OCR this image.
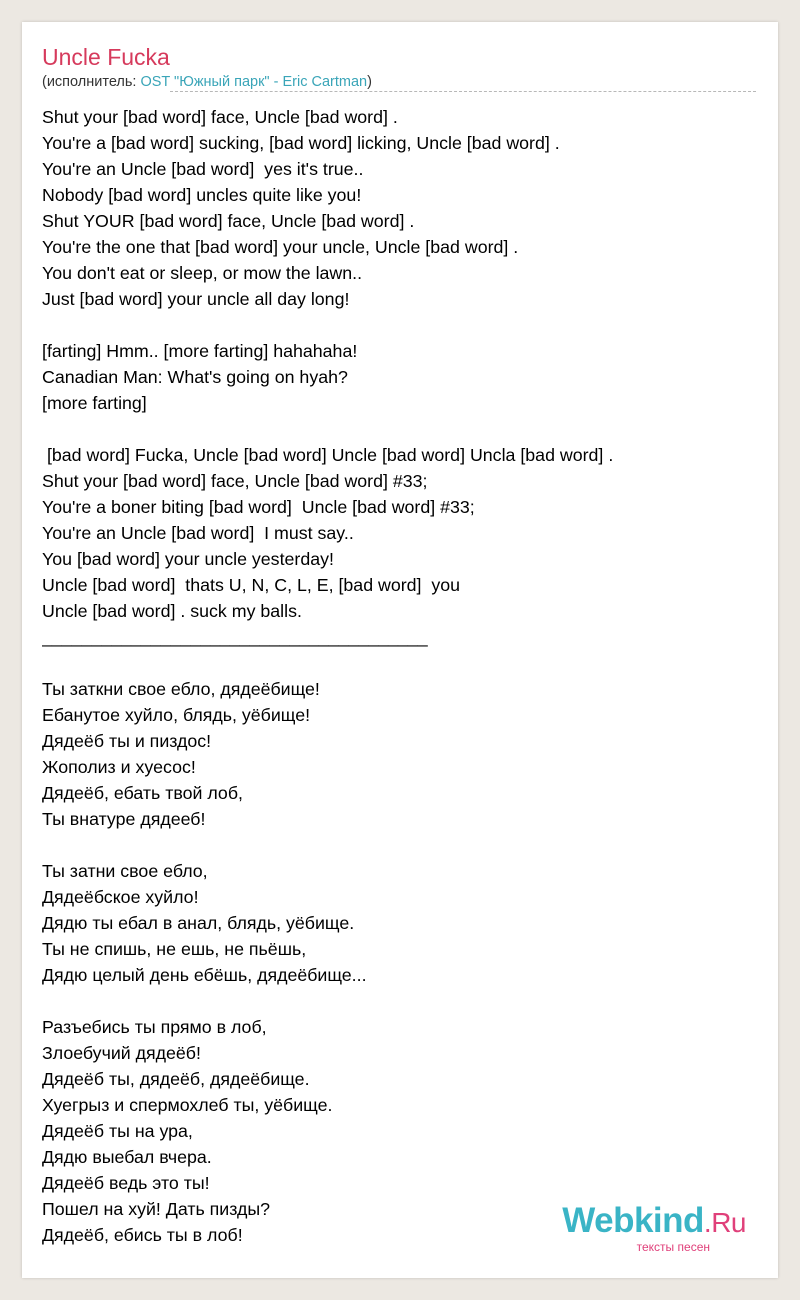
Uncle Fucka
(исполнитель: OST "Южный парк" - Eric Cartman)
Shut your [bad word] face, Uncle [bad word] .
You're a [bad word] sucking, [bad word] licking, Uncle [bad word] .
You're an Uncle [bad word]  yes it's true..
Nobody [bad word] uncles quite like you!
Shut YOUR [bad word] face, Uncle [bad word] .
You're the one that [bad word] your uncle, Uncle [bad word] .
You don't eat or sleep, or mow the lawn..
Just [bad word] your uncle all day long!
[farting] Hmm.. [more farting] hahahaha!
Canadian Man: What's going on hyah?
[more farting]
[bad word] Fucka, Uncle [bad word] Uncle [bad word] Uncla [bad word] .
Shut your [bad word] face, Uncle [bad word] #33;
You're a boner biting [bad word]  Uncle [bad word] #33;
You're an Uncle [bad word]  I must say..
You [bad word] your uncle yesterday!
Uncle [bad word]  thats U, N, C, L, E, [bad word]  you
Uncle [bad word] . suck my balls.
_______________________________________
Ты заткни свое ебло, дядеёбище!
Ебанутое хуйло, блядь, уёбище!
Дядеёб ты и пиздос!
Жополиз и хуесос!
Дядеёб, ебать твой лоб,
Ты внатуре дядееб!
Ты затни свое ебло,
Дядеёбское хуйло!
Дядю ты ебал в анал, блядь, уёбище.
Ты не спишь, не ешь, не пьёшь,
Дядю целый день ебёшь, дядеёбище...
Разъебись ты прямо в лоб,
Злоебучий дядеёб!
Дядеёб ты, дядеёб, дядеёбище.
Хуегрыз и спермохлеб ты, уёбище.
Дядеёб ты на ура,
Дядю выебал вчера.
Дядеёб ведь это ты!
Пошел на хуй! Дать пизды?
Дядеёб, ебись ты в лоб!	Webkind.Ru
тексты песен
